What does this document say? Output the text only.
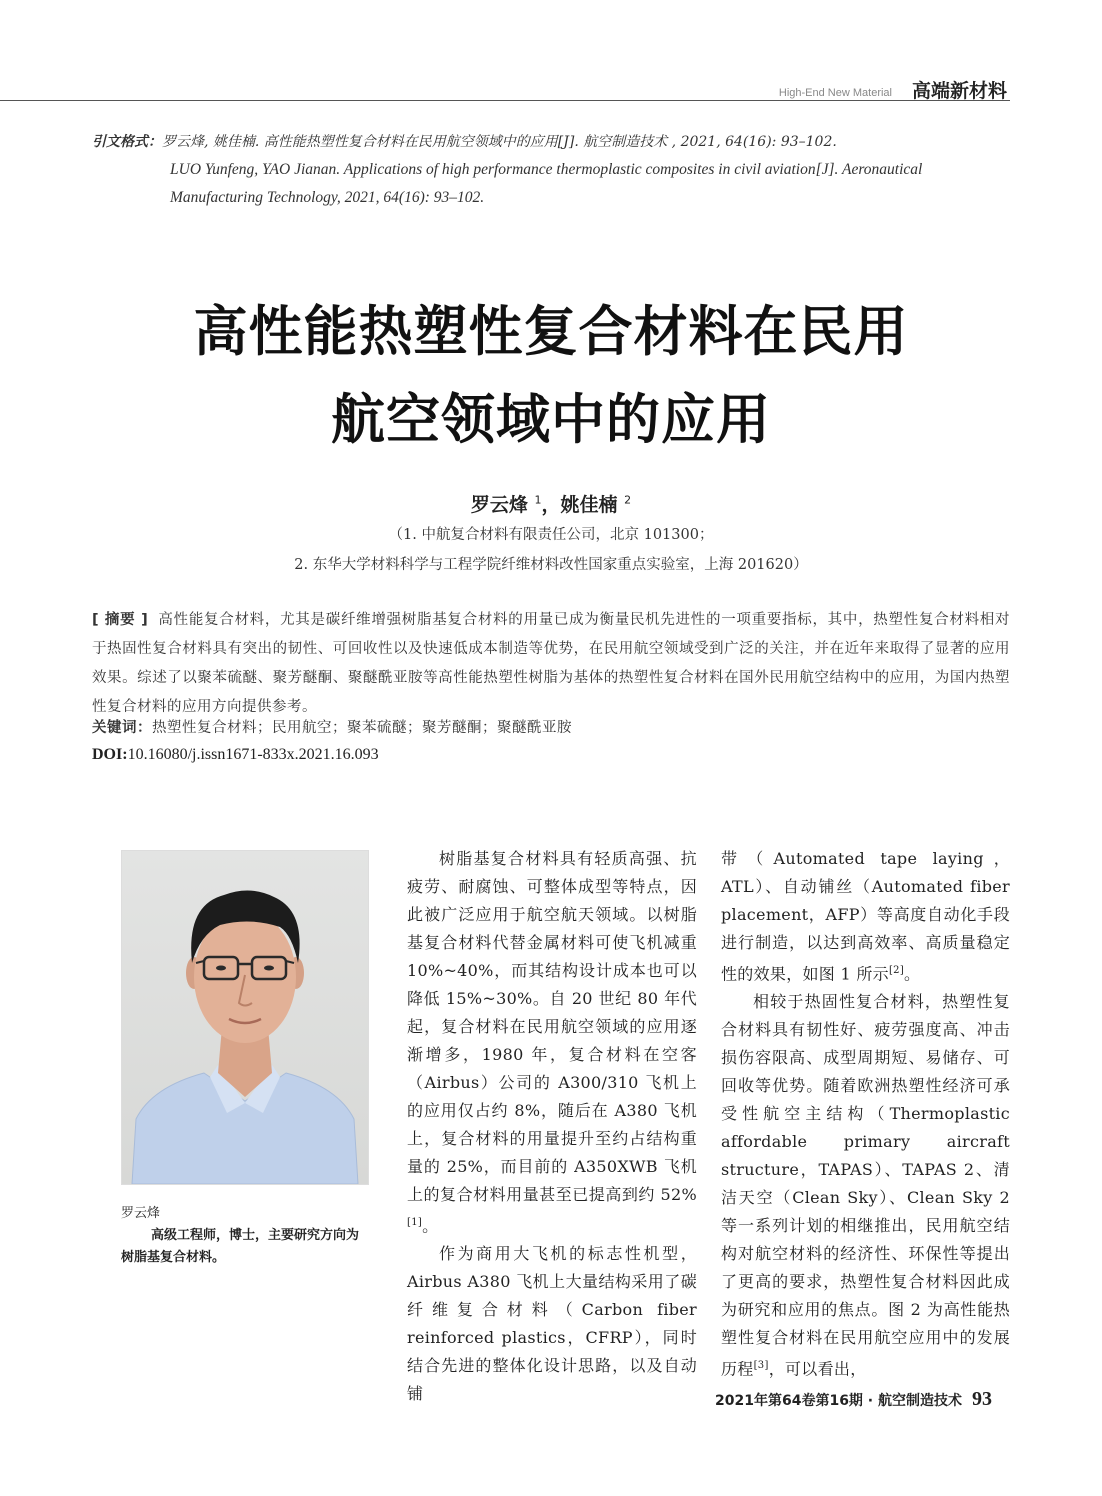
High-End New Material 高端新材料
引文格式：罗云烽, 姚佳楠. 高性能热塑性复合材料在民用航空领域中的应用[J]. 航空制造技术 , 2021, 64(16): 93–102.
LUO Yunfeng, YAO Jianan. Applications of high performance thermoplastic composites in civil aviation[J]. Aeronautical
Manufacturing Technology, 2021, 64(16): 93–102.
高性能热塑性复合材料在民用
航空领域中的应用
罗云烽 $^1$，姚佳楠 $^2$
（1. 中航复合材料有限责任公司，北京 101300；
2. 东华大学材料科学与工程学院纤维材料改性国家重点实验室，上海 201620）
[ 摘要 ] 高性能复合材料，尤其是碳纤维增强树脂基复合材料的用量已成为衡量民机先进性的一项重要指标，其中，热塑性复合材料相对于热固性复合材料具有突出的韧性、可回收性以及快速低成本制造等优势，在民用航空领域受到广泛的关注，并在近年来取得了显著的应用效果。综述了以聚苯硫醚、聚芳醚酮、聚醚酰亚胺等高性能热塑性树脂为基体的热塑性复合材料在国外民用航空结构中的应用，为国内热塑性复合材料的应用方向提供参考。
关键词：热塑性复合材料；民用航空；聚苯硫醚；聚芳醚酮；聚醚酰亚胺
DOI:10.16080/j.issn1671-833x.2021.16.093
罗云烽
高级工程师，博士，主要研究方向为树脂基复合材料。

树脂基复合材料具有轻质高强、抗疲劳、耐腐蚀、可整体成型等特点，因此被广泛应用于航空航天领域。以树脂基复合材料代替金属材料可使飞机减重 10%~40%，而其结构设计成本也可以降低 15%~30%。自 20 世纪 80 年代起，复合材料在民用航空领域的应用逐渐增多，1980 年，复合材料在空客（Airbus）公司的 A300/310 飞机上的应用仅占约 8%，随后在 A380 飞机上，复合材料的用量提升至约占结构重量的 25%，而目前的 A350XWB 飞机上的复合材料用量甚至已提高到约 52%[1]。

作为商用大飞机的标志性机型，Airbus A380 飞机上大量结构采用了碳纤维复合材料（Carbon fiber reinforced plastics，CFRP），同时结合先进的整体化设计思路，以及自动铺

带（Automated tape laying，ATL）、自动铺丝（Automated fiber placement，AFP）等高度自动化手段进行制造，以达到高效率、高质量稳定性的效果，如图 1 所示[2]。

相较于热固性复合材料，热塑性复合材料具有韧性好、疲劳强度高、冲击损伤容限高、成型周期短、易储存、可回收等优势。随着欧洲热塑性经济可承受性航空主结构（Thermoplastic affordable primary aircraft structure，TAPAS）、TAPAS 2、清洁天空（Clean Sky）、Clean Sky 2 等一系列计划的相继推出，民用航空结构对航空材料的经济性、环保性等提出了更高的要求，热塑性复合材料因此成为研究和应用的焦点。图 2 为高性能热塑性复合材料在民用航空应用中的发展历程[3]，可以看出，

2021年第64卷第16期 · 航空制造技术 93
